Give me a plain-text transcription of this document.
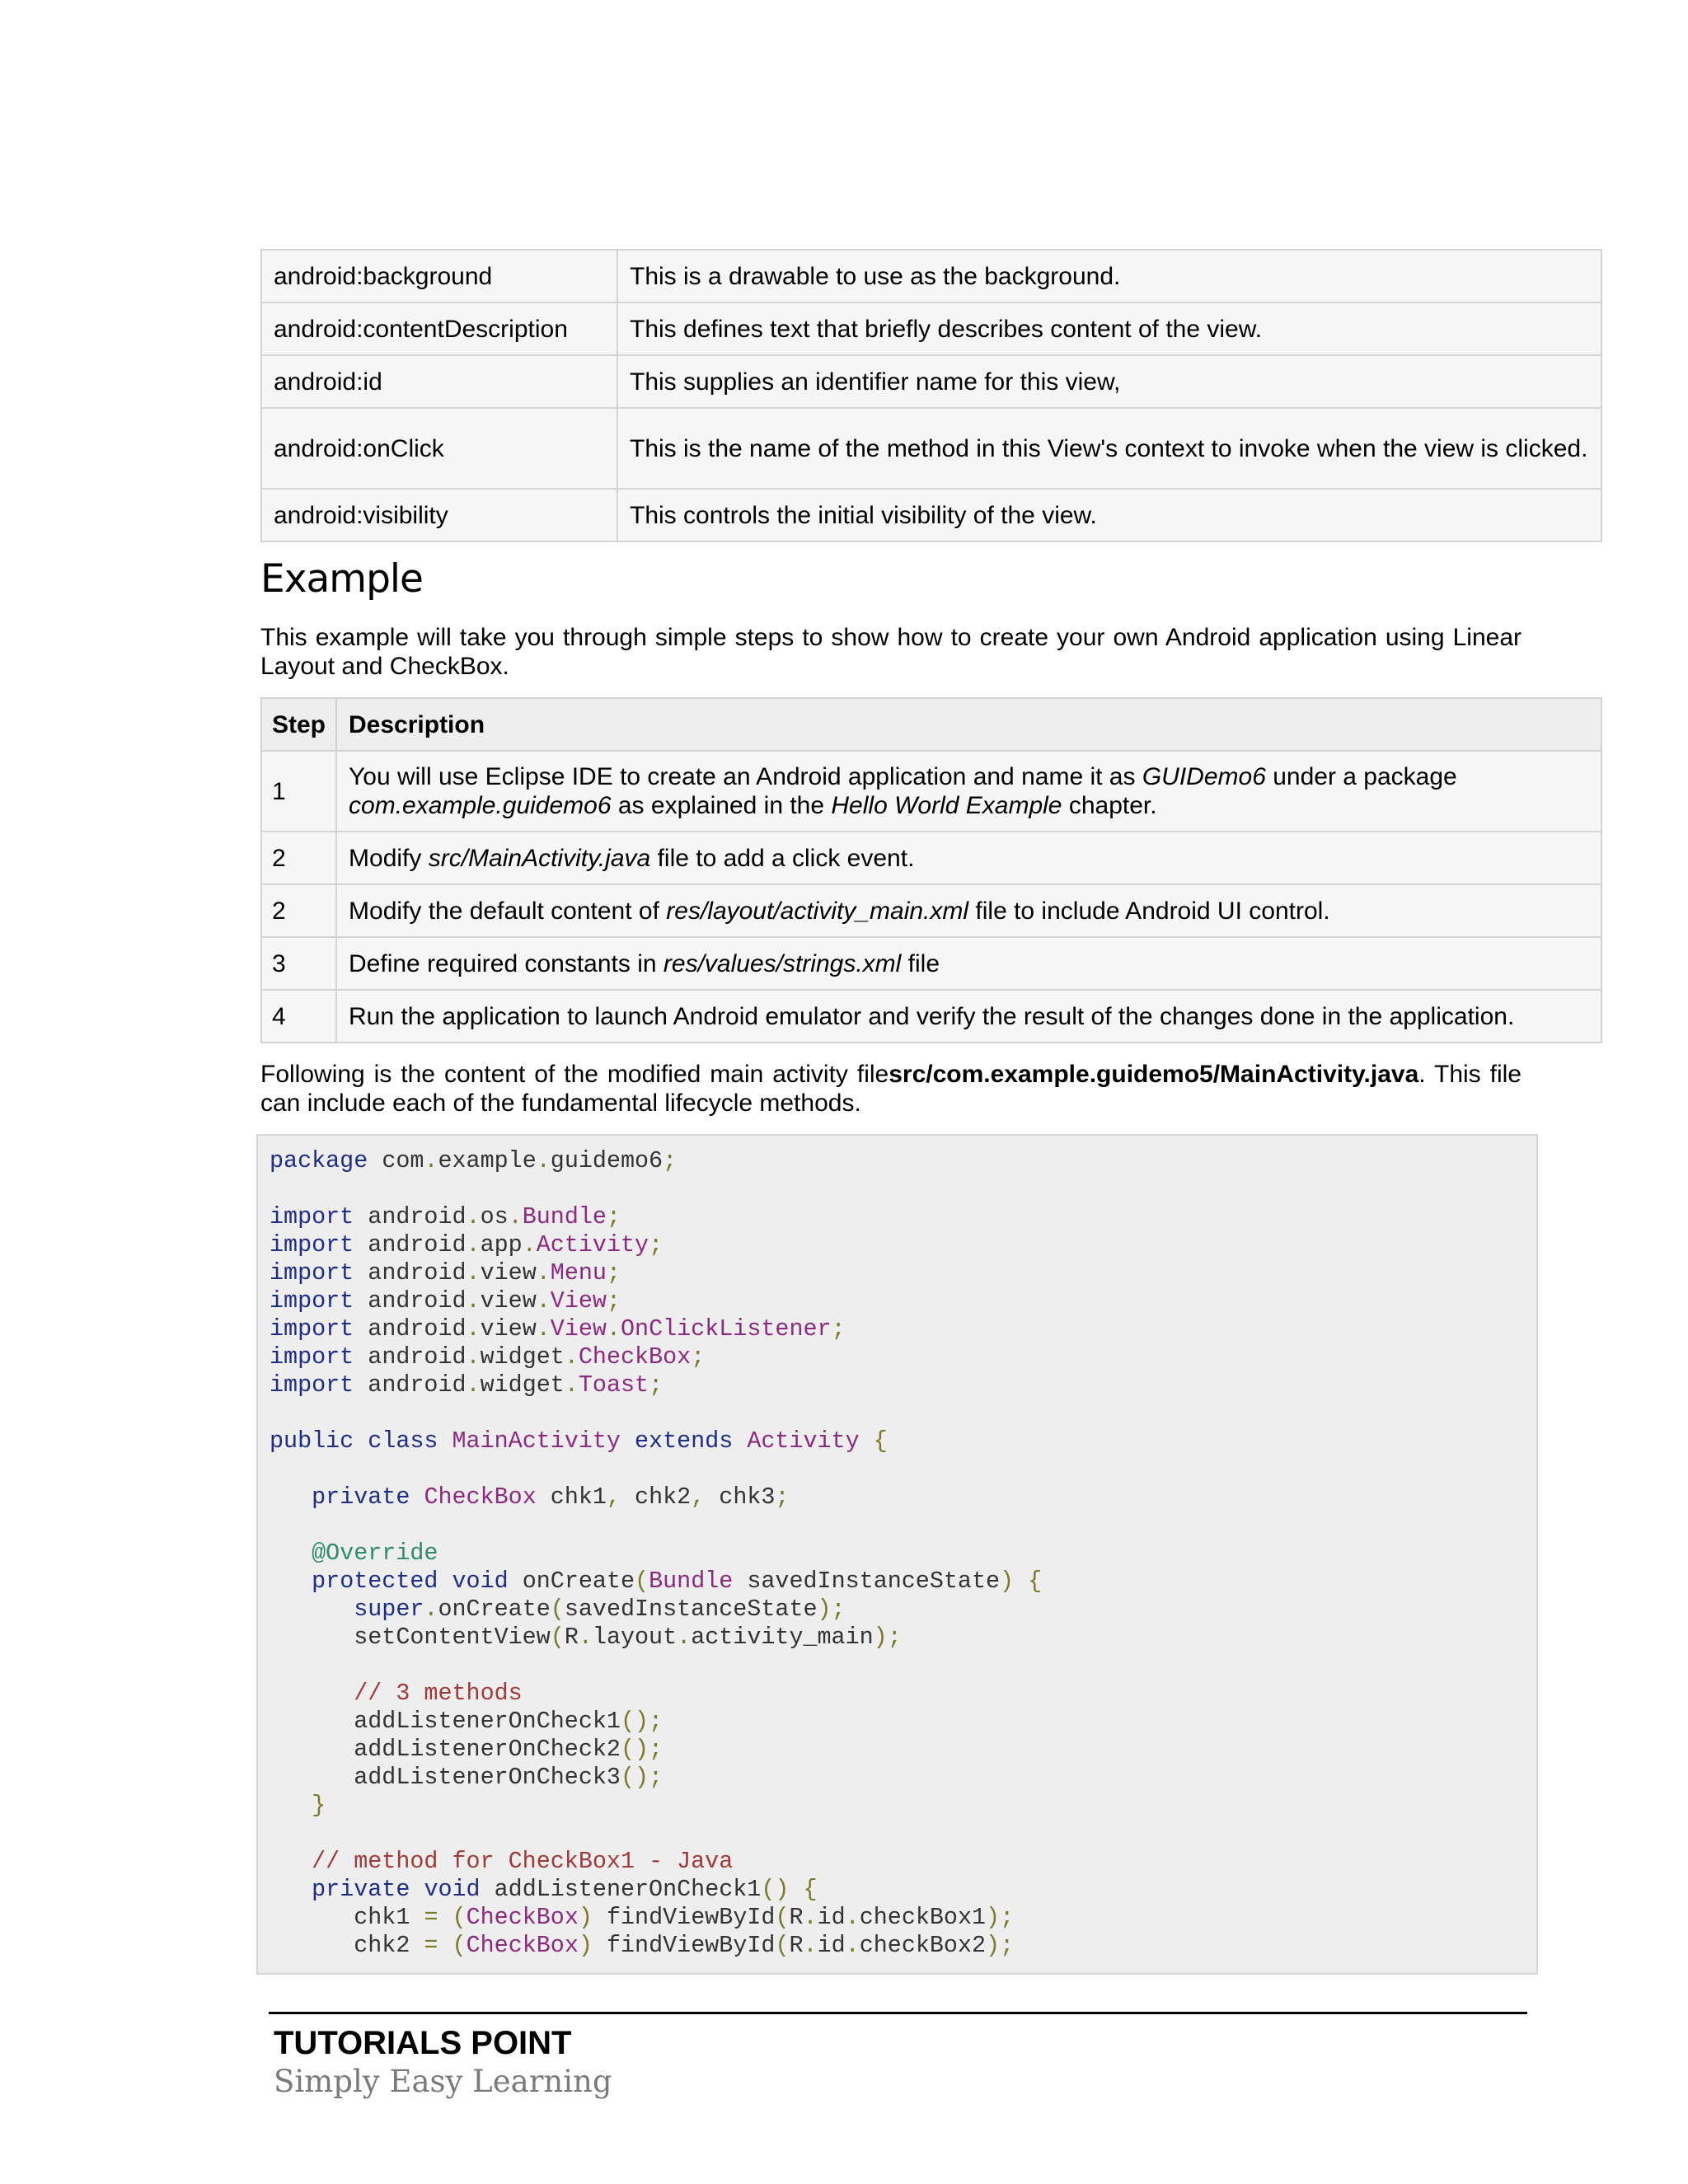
android:background	This is a drawable to use as the background.
android:contentDescription	This defines text that briefly describes content of the view.
android:id	This supplies an identifier name for this view,
android:onClick	This is the name of the method in this View's context to invoke when the view is clicked.
android:visibility	This controls the initial visibility of the view.
Example

This example will take you through simple steps to show how to create your own Android application using Linear Layout and CheckBox.

Step	Description
1	You will use Eclipse IDE to create an Android application and name it as GUIDemo6 under a package
com.example.guidemo6 as explained in the Hello World Example chapter.
2	Modify src/MainActivity.java file to add a click event.
2	Modify the default content of res/layout/activity_main.xml file to include Android UI control.
3	Define required constants in res/values/strings.xml file
4	Run the application to launch Android emulator and verify the result of the changes done in the application.

Following is the content of the modified main activity filesrc/com.example.guidemo5/MainActivity.java. This file can include each of the fundamental lifecycle methods.

package com.example.guidemo6;

import android.os.Bundle;
import android.app.Activity;
import android.view.Menu;
import android.view.View;
import android.view.View.OnClickListener;
import android.widget.CheckBox;
import android.widget.Toast;

public class MainActivity extends Activity {

private CheckBox chk1, chk2, chk3;

@Override
protected void onCreate(Bundle savedInstanceState) {
super.onCreate(savedInstanceState);
setContentView(R.layout.activity_main);

// 3 methods
addListenerOnCheck1();
addListenerOnCheck2();
addListenerOnCheck3();
}

// method for CheckBox1 - Java
private void addListenerOnCheck1() {
chk1 = (CheckBox) findViewById(R.id.checkBox1);
chk2 = (CheckBox) findViewById(R.id.checkBox2);
TUTORIALS POINT
Simply Easy Learning
